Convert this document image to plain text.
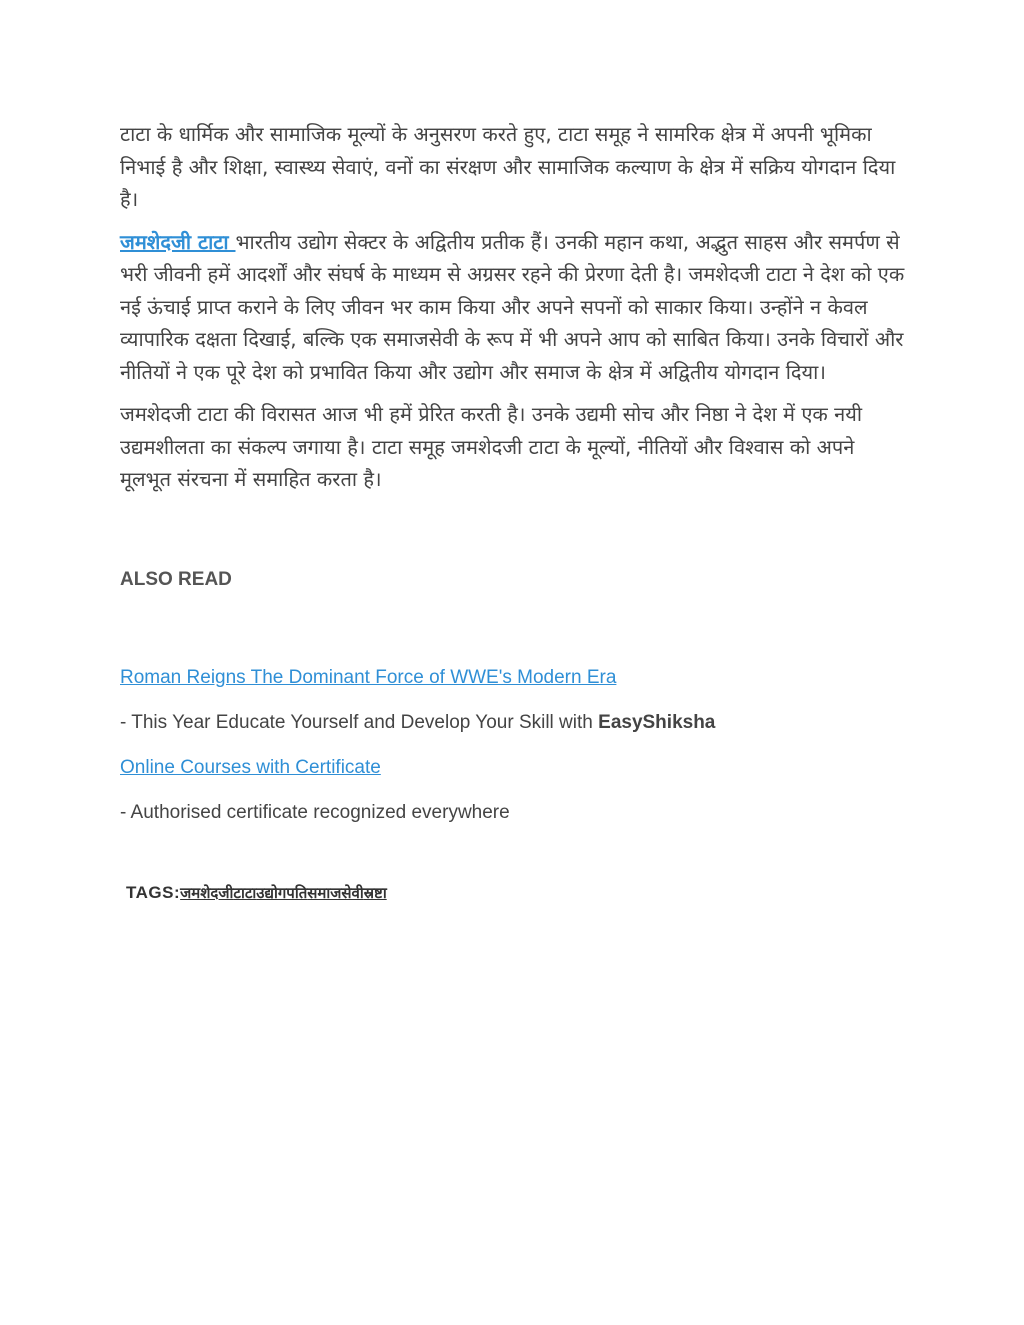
टाटा के धार्मिक और सामाजिक मूल्यों के अनुसरण करते हुए, टाटा समूह ने सामरिक क्षेत्र में अपनी भूमिका निभाई है और शिक्षा, स्वास्थ्य सेवाएं, वनों का संरक्षण और सामाजिक कल्याण के क्षेत्र में सक्रिय योगदान दिया है।

जमशेदजी टाटा भारतीय उद्योग सेक्टर के अद्वितीय प्रतीक हैं। उनकी महान कथा, अद्भुत साहस और समर्पण से भरी जीवनी हमें आदर्शों और संघर्ष के माध्यम से अग्रसर रहने की प्रेरणा देती है। जमशेदजी टाटा ने देश को एक नई ऊंचाई प्राप्त कराने के लिए जीवन भर काम किया और अपने सपनों को साकार किया। उन्होंने न केवल व्यापारिक दक्षता दिखाई, बल्कि एक समाजसेवी के रूप में भी अपने आप को साबित किया। उनके विचारों और नीतियों ने एक पूरे देश को प्रभावित किया और उद्योग और समाज के क्षेत्र में अद्वितीय योगदान दिया।

जमशेदजी टाटा की विरासत आज भी हमें प्रेरित करती है। उनके उद्यमी सोच और निष्ठा ने देश में एक नयी उद्यमशीलता का संकल्प जगाया है। टाटा समूह जमशेदजी टाटा के मूल्यों, नीतियों और विश्वास को अपने मूलभूत संरचना में समाहित करता है।

ALSO READ

Roman Reigns The Dominant Force of WWE's Modern Era

- This Year Educate Yourself and Develop Your Skill with EasyShiksha

Online Courses with Certificate

- Authorised certificate recognized everywhere

TAGS:जमशेदजीटाटाउद्योगपतिसमाजसेवीस्रष्टा
